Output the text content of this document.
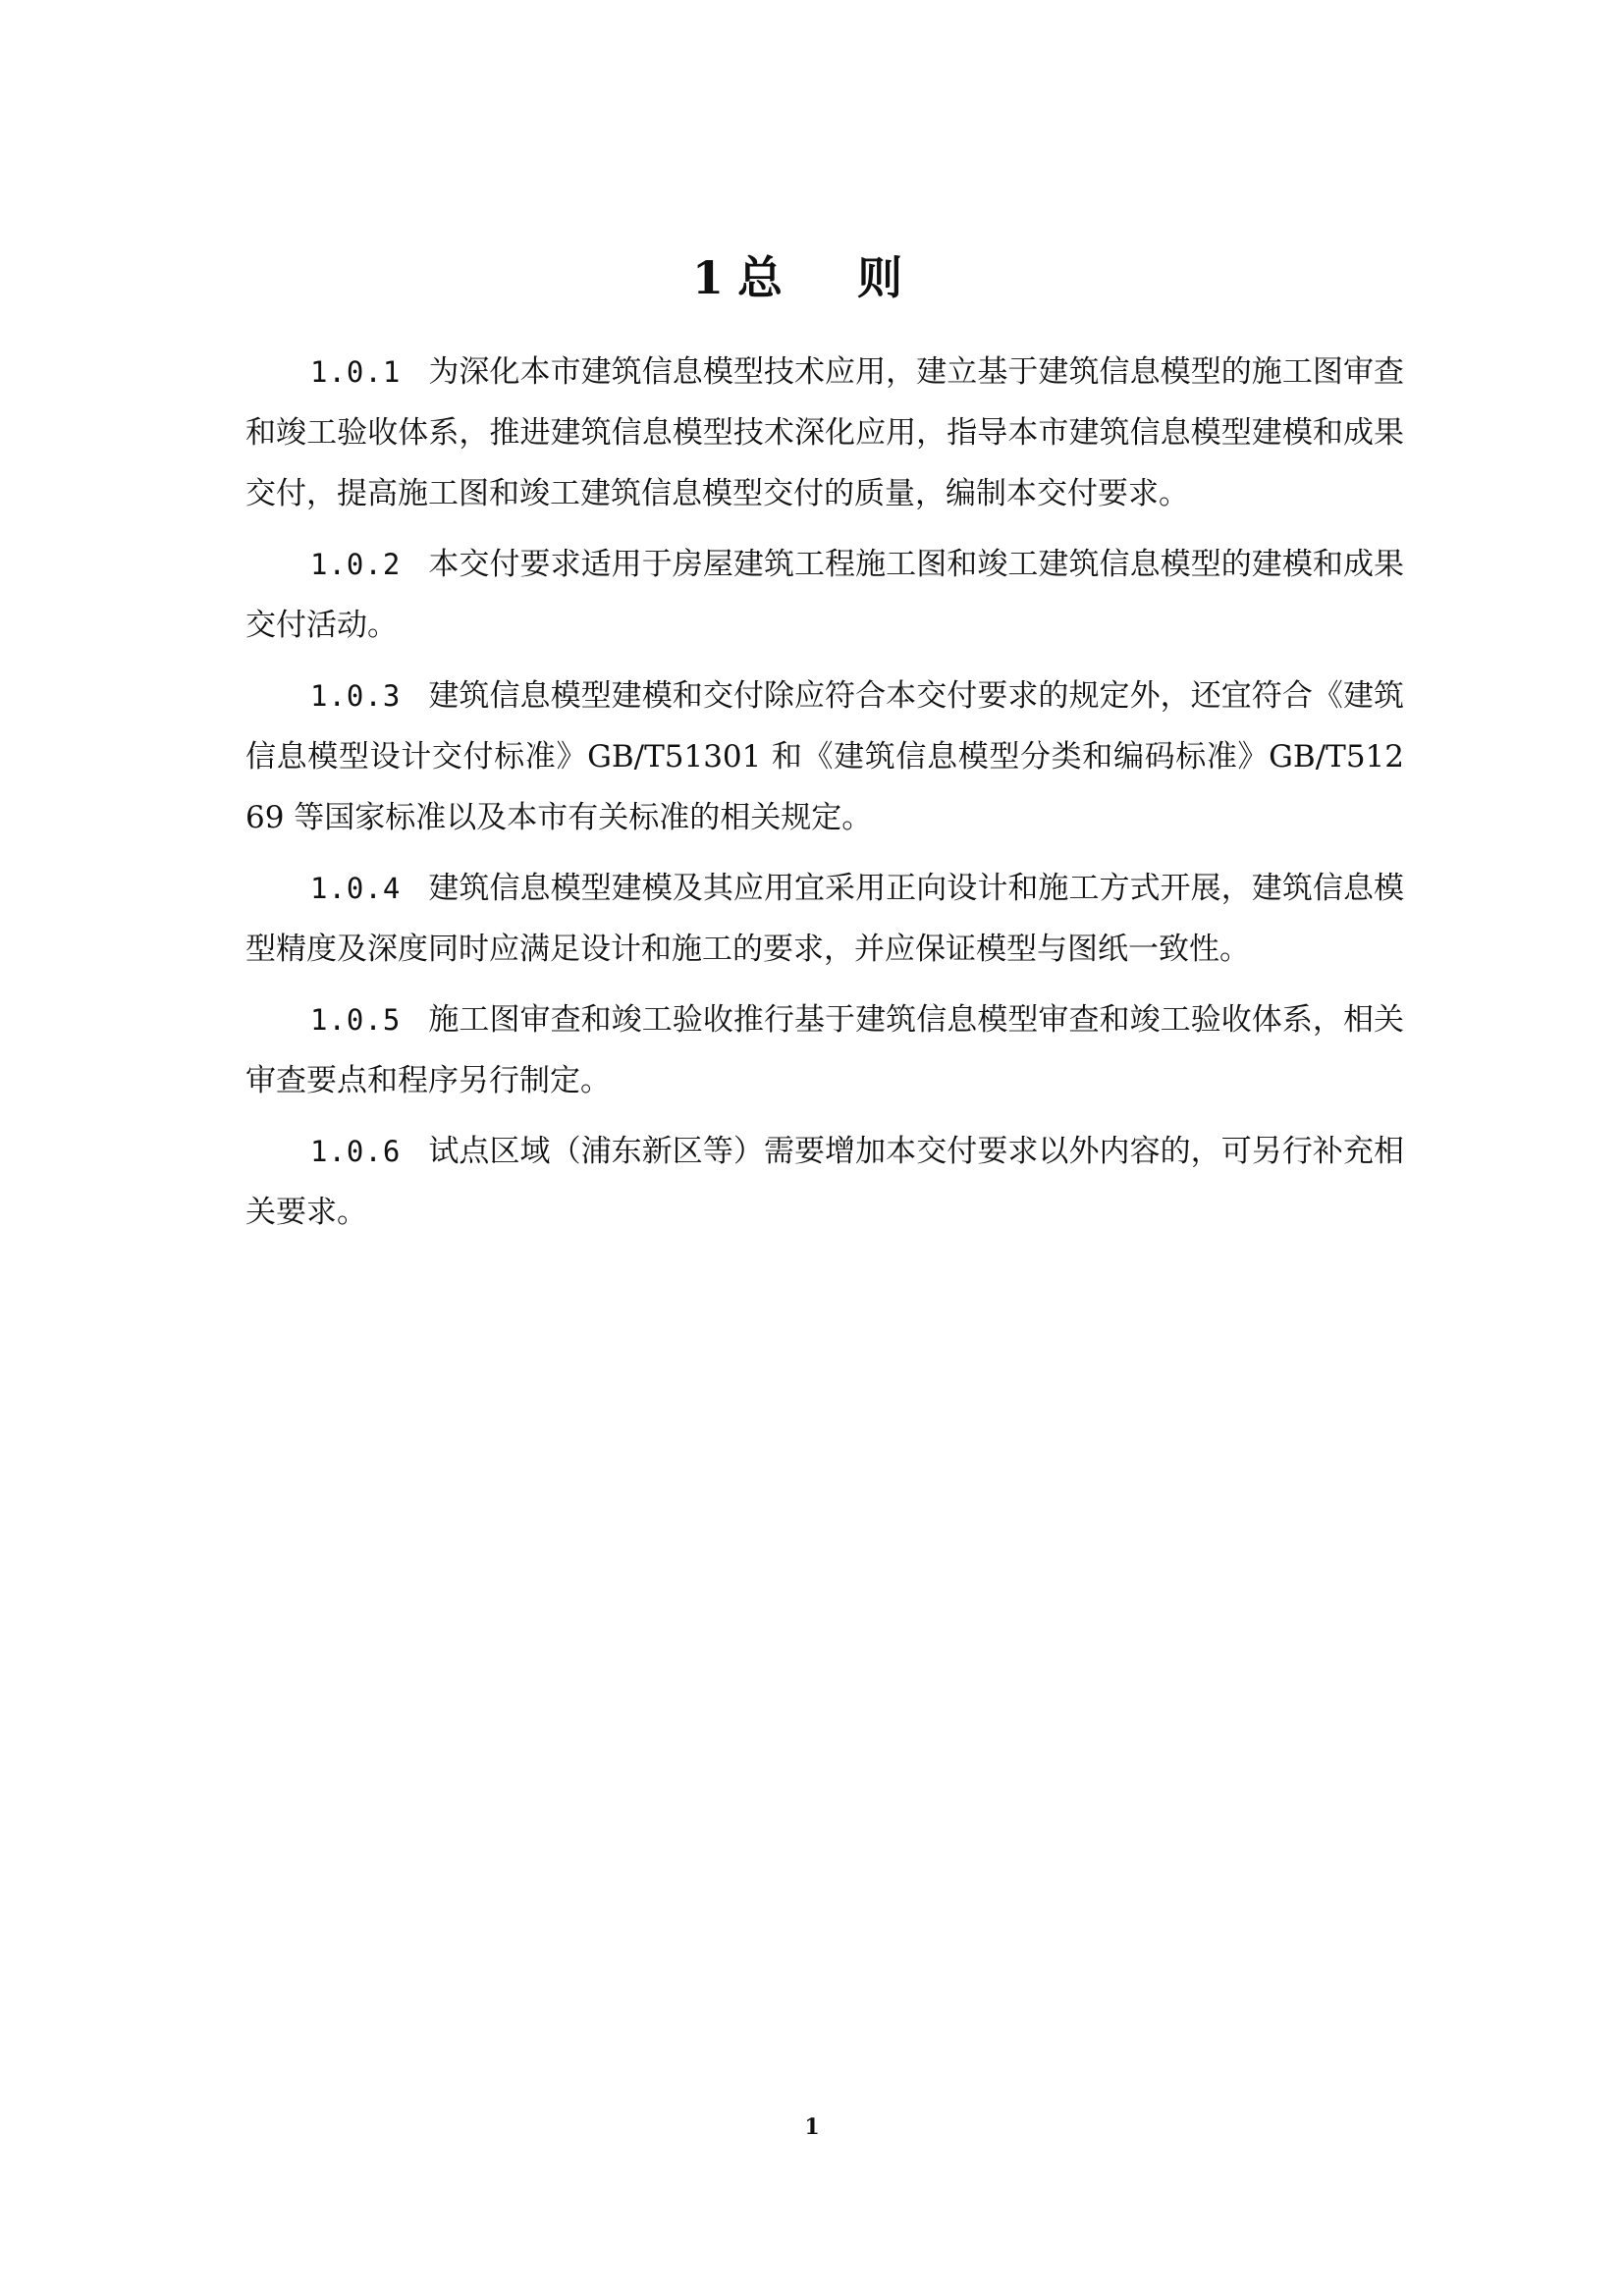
1 总 则

1.0.1 为深化本市建筑信息模型技术应用，建立基于建筑信息模型的施工图审查和竣工验收体系，推进建筑信息模型技术深化应用，指导本市建筑信息模型建模和成果交付，提高施工图和竣工建筑信息模型交付的质量，编制本交付要求。

1.0.2 本交付要求适用于房屋建筑工程施工图和竣工建筑信息模型的建模和成果交付活动。

1.0.3 建筑信息模型建模和交付除应符合本交付要求的规定外，还宜符合《建筑信息模型设计交付标准》GB/T51301 和《建筑信息模型分类和编码标准》GB/T51269 等国家标准以及本市有关标准的相关规定。

1.0.4 建筑信息模型建模及其应用宜采用正向设计和施工方式开展，建筑信息模型精度及深度同时应满足设计和施工的要求，并应保证模型与图纸一致性。

1.0.5 施工图审查和竣工验收推行基于建筑信息模型审查和竣工验收体系，相关审查要点和程序另行制定。

1.0.6 试点区域（浦东新区等）需要增加本交付要求以外内容的，可另行补充相关要求。

1
